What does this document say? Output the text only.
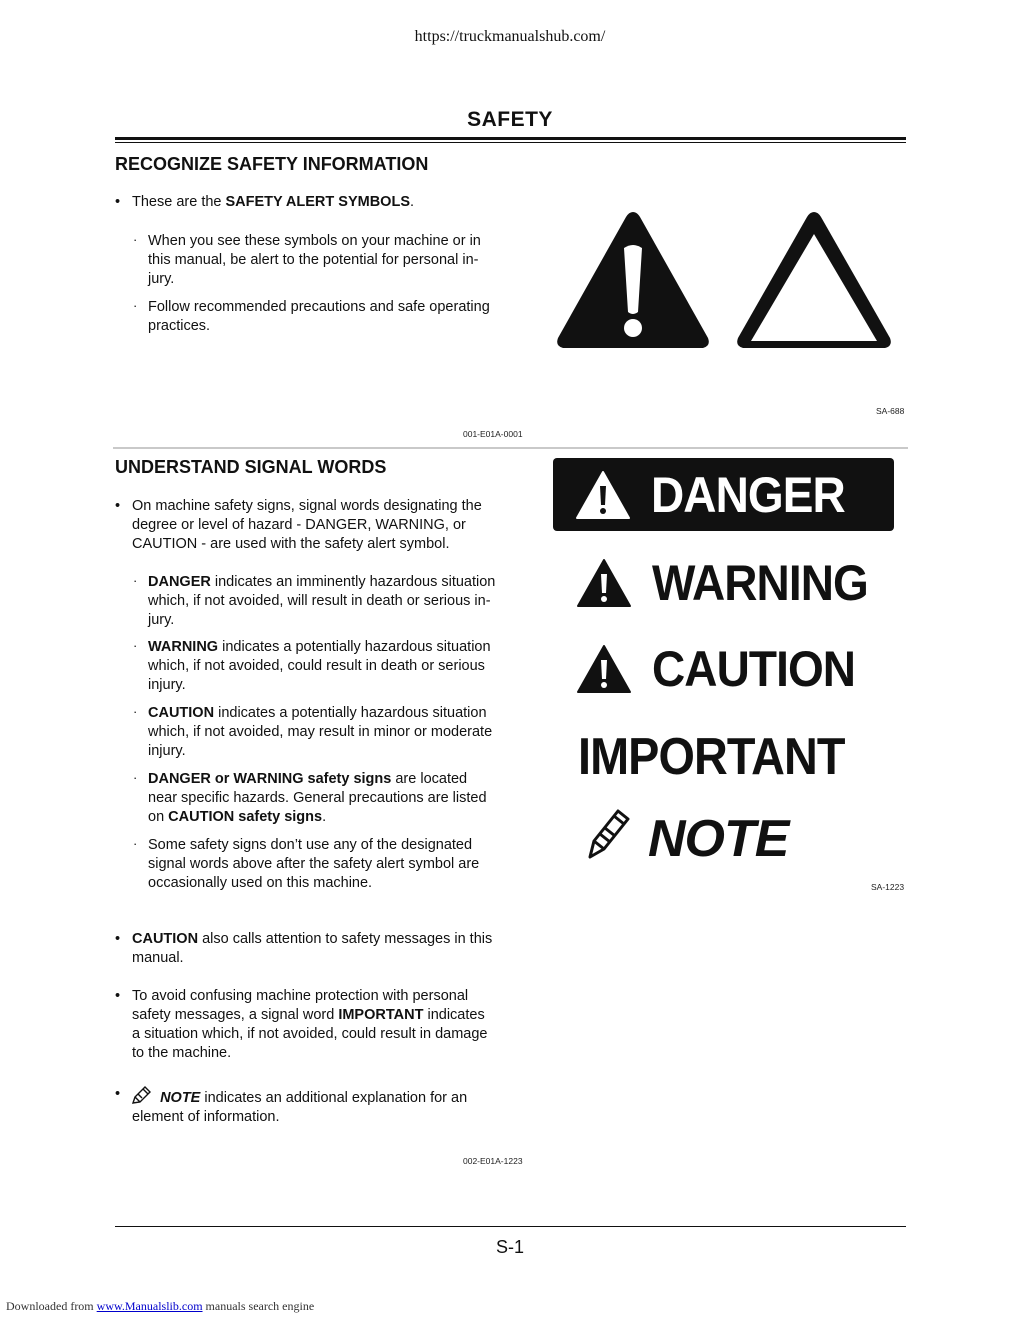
https://truckmanualshub.com/
SAFETY
RECOGNIZE SAFETY INFORMATION
• These are the SAFETY ALERT SYMBOLS.
· When you see these symbols on your machine or in
this manual, be alert to the potential for personal in-
jury.
· Follow recommended precautions and safe operating
practices.
SA-688
001-E01A-0001
UNDERSTAND SIGNAL WORDS
• On machine safety signs, signal words designating the
degree or level of hazard - DANGER, WARNING, or
CAUTION - are used with the safety alert symbol.
· DANGER indicates an imminently hazardous situation
which, if not avoided, will result in death or serious in-
jury.
· WARNING indicates a potentially hazardous situation
which, if not avoided, could result in death or serious
injury.
· CAUTION indicates a potentially hazardous situation
which, if not avoided, may result in minor or moderate
injury.
· DANGER or WARNING safety signs are located
near specific hazards. General precautions are listed
on CAUTION safety signs.
· Some safety signs don’t use any of the designated
signal words above after the safety alert symbol are
occasionally used on this machine.
• CAUTION also calls attention to safety messages in this
manual.
• To avoid confusing machine protection with personal
safety messages, a signal word IMPORTANT indicates
a situation which, if not avoided, could result in damage
to the machine.
•	NOTE indicates an additional explanation for an
element of information.
002-E01A-1223
DANGER
WARNING
CAUTION
IMPORTANT
NOTE
SA-1223
S-1
Downloaded from www.Manualslib.com manuals search engine
